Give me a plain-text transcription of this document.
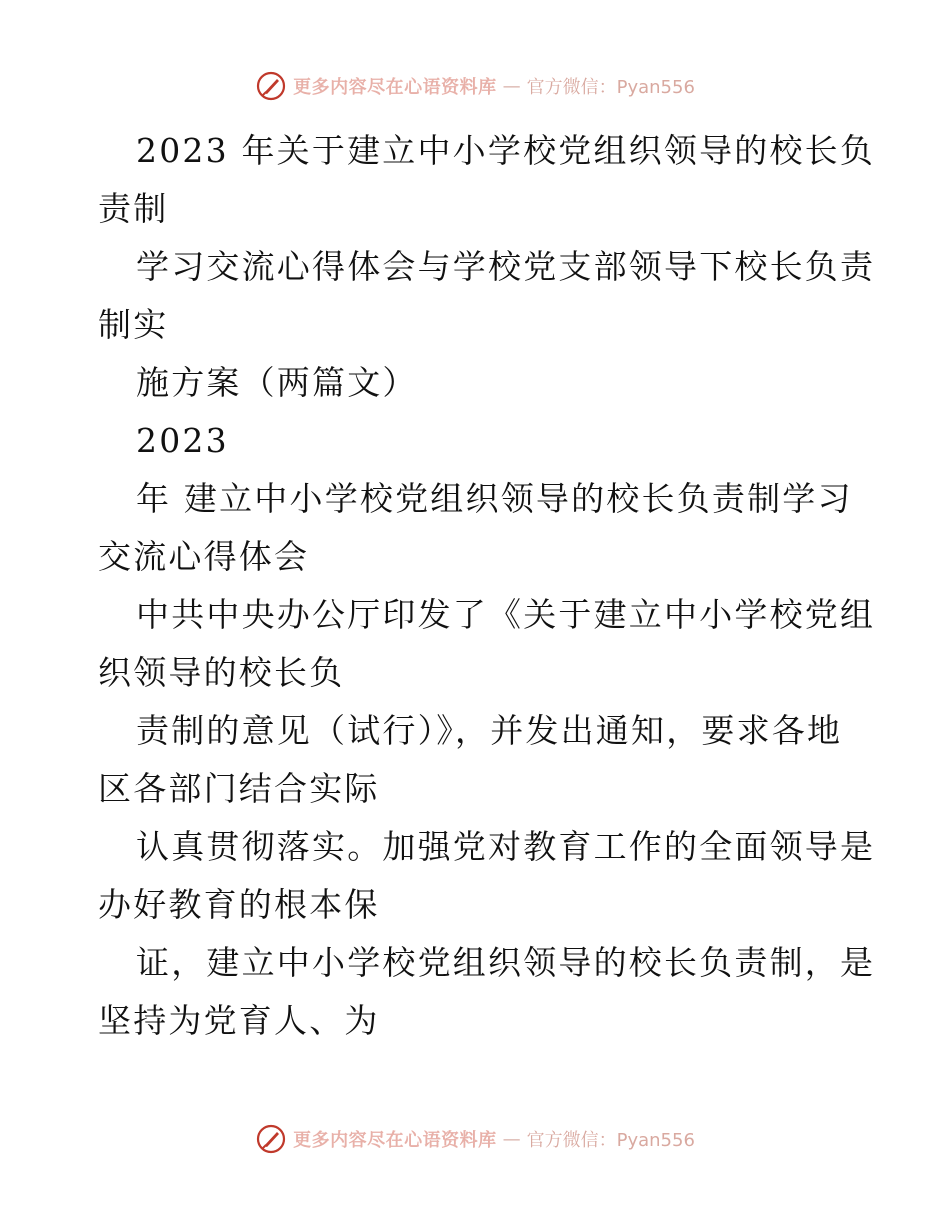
更多内容尽在心语资料库 — 官方微信：Pyan556
2023 年关于建立中小学校党组织领导的校长负
责制
学习交流心得体会与学校党支部领导下校长负责
制实
施方案（两篇文）
2023
年 建立中小学校党组织领导的校长负责制学习
交流心得体会
中共中央办公厅印发了《关于建立中小学校党组
织领导的校长负
责制的意见（试行）》，并发出通知，要求各地
区各部门结合实际
认真贯彻落实。加强党对教育工作的全面领导是
办好教育的根本保
证，建立中小学校党组织领导的校长负责制，是
坚持为党育人、为
更多内容尽在心语资料库 — 官方微信：Pyan556
